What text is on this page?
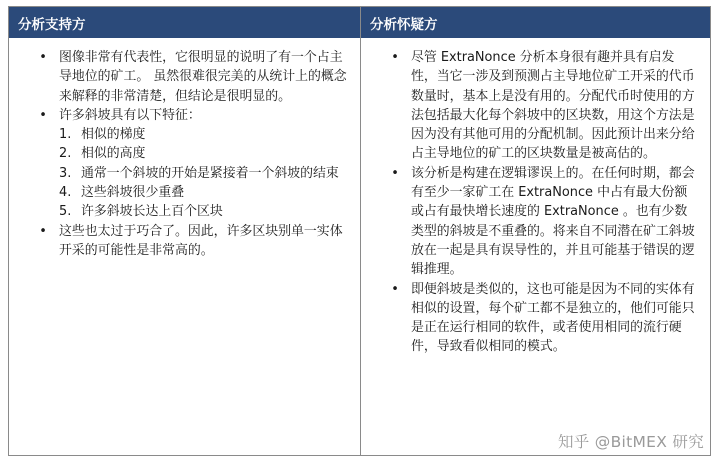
分析支持方	分析怀疑方
• 图像非常有代表性，它很明显的说明了有一个占主导地位的矿工。 虽然很难很完美的从统计上的概念来解释的非常清楚，但结论是很明显的。
• 许多斜坡具有以下特征：
1. 相似的梯度
2. 相似的高度
3. 通常一个斜坡的开始是紧接着一个斜坡的结束
4. 这些斜坡很少重叠
5. 许多斜坡长达上百个区块
• 这些也太过于巧合了。因此，许多区块别单一实体开采的可能性是非常高的。
• 尽管 ExtraNonce 分析本身很有趣并具有启发性，当它一涉及到预测占主导地位矿工开采的代币数量时，基本上是没有用的。分配代币时使用的方法包括最大化每个斜坡中的区块数，用这个方法是因为没有其他可用的分配机制。因此预计出来分给占主导地位的矿工的区块数量是被高估的。
• 该分析是构建在逻辑谬误上的。在任何时期，都会有至少一家矿工在 ExtraNonce 中占有最大份额或占有最快增长速度的 ExtraNonce 。也有少数类型的斜坡是不重叠的。将来自不同潜在矿工斜坡放在一起是具有误导性的，并且可能基于错误的逻辑推理。
• 即便斜坡是类似的，这也可能是因为不同的实体有相似的设置，每个矿工都不是独立的，他们可能只是正在运行相同的软件，或者使用相同的流行硬件，导致看似相同的模式。
知乎 @BitMEX 研究
